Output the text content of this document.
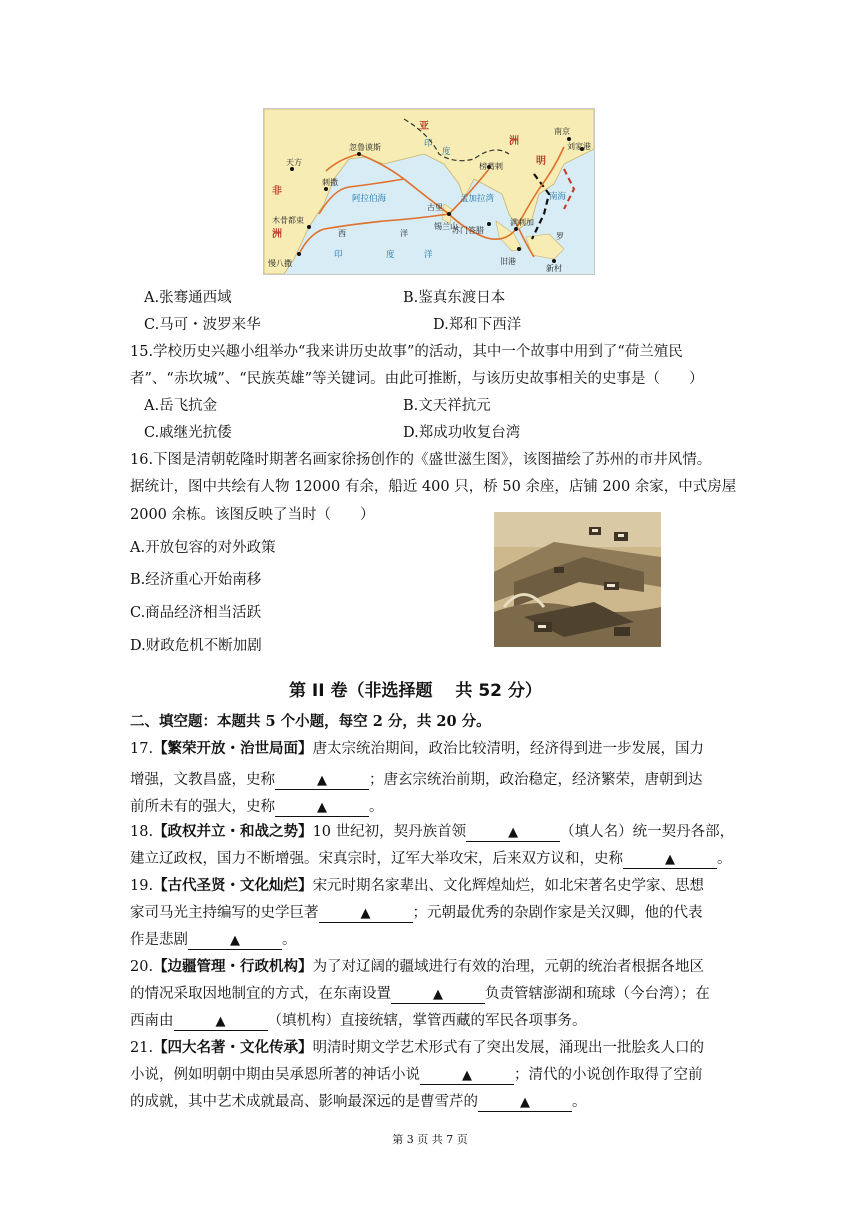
忽鲁谟斯
天方
刺撒
木骨都束
慢八撒
古里
苏门答腊
满剌加
旧港
新村
榜葛剌
南京
刘家港
印
度
阿拉伯海	孟加拉湾
西	洋
南海
印	度	洋
亚
洲
非
洲
明
锡兰山
罗
A.张骞通西域	B.鉴真东渡日本
C.马可・波罗来华	D.郑和下西洋
15.学校历史兴趣小组举办“我来讲历史故事”的活动，其中一个故事中用到了“荷兰殖民
者”、“赤坎城”、“民族英雄”等关键词。由此可推断，与该历史故事相关的史事是（　　）
A.岳飞抗金	B.文天祥抗元
C.戚继光抗倭	D.郑成功收复台湾
16.下图是清朝乾隆时期著名画家徐扬创作的《盛世滋生图》，该图描绘了苏州的市井风情。
据统计，图中共绘有人物 12000 有余，船近 400 只，桥 50 余座，店铺 200 余家，中式房屋
2000 余栋。该图反映了当时（　　）
A.开放包容的对外政策
B.经济重心开始南移
C.商品经济相当活跃
D.财政危机不断加剧
第 II 卷（非选择题　 共 52 分）
二、填空题：本题共 5 个小题，每空 2 分，共 20 分。
17.【繁荣开放・治世局面】唐太宗统治期间，政治比较清明，经济得到进一步发展，国力
增强，文教昌盛，史称	▲	；唐玄宗统治前期，政治稳定，经济繁荣，唐朝到达
前所未有的强大，史称	▲	。
18.【政权并立・和战之势】10 世纪初，契丹族首领	▲	（填人名）统一契丹各部，
建立辽政权，国力不断增强。宋真宗时，辽军大举攻宋，后来双方议和，史称	▲	。
19.【古代圣贤・文化灿烂】宋元时期名家辈出、文化辉煌灿烂，如北宋著名史学家、思想
家司马光主持编写的史学巨著	▲	；元朝最优秀的杂剧作家是关汉卿，他的代表
作是悲剧	▲	。
20.【边疆管理・行政机构】为了对辽阔的疆域进行有效的治理，元朝的统治者根据各地区
的情况采取因地制宜的方式，在东南设置	▲	负责管辖澎湖和琉球（今台湾）；在
西南由	▲	（填机构）直接统辖，掌管西藏的军民各项事务。
21.【四大名著・文化传承】明清时期文学艺术形式有了突出发展，涌现出一批脍炙人口的
小说，例如明朝中期由吴承恩所著的神话小说	▲	；清代的小说创作取得了空前
的成就，其中艺术成就最高、影响最深远的是曹雪芹的	▲	。
第 3 页 共 7 页
